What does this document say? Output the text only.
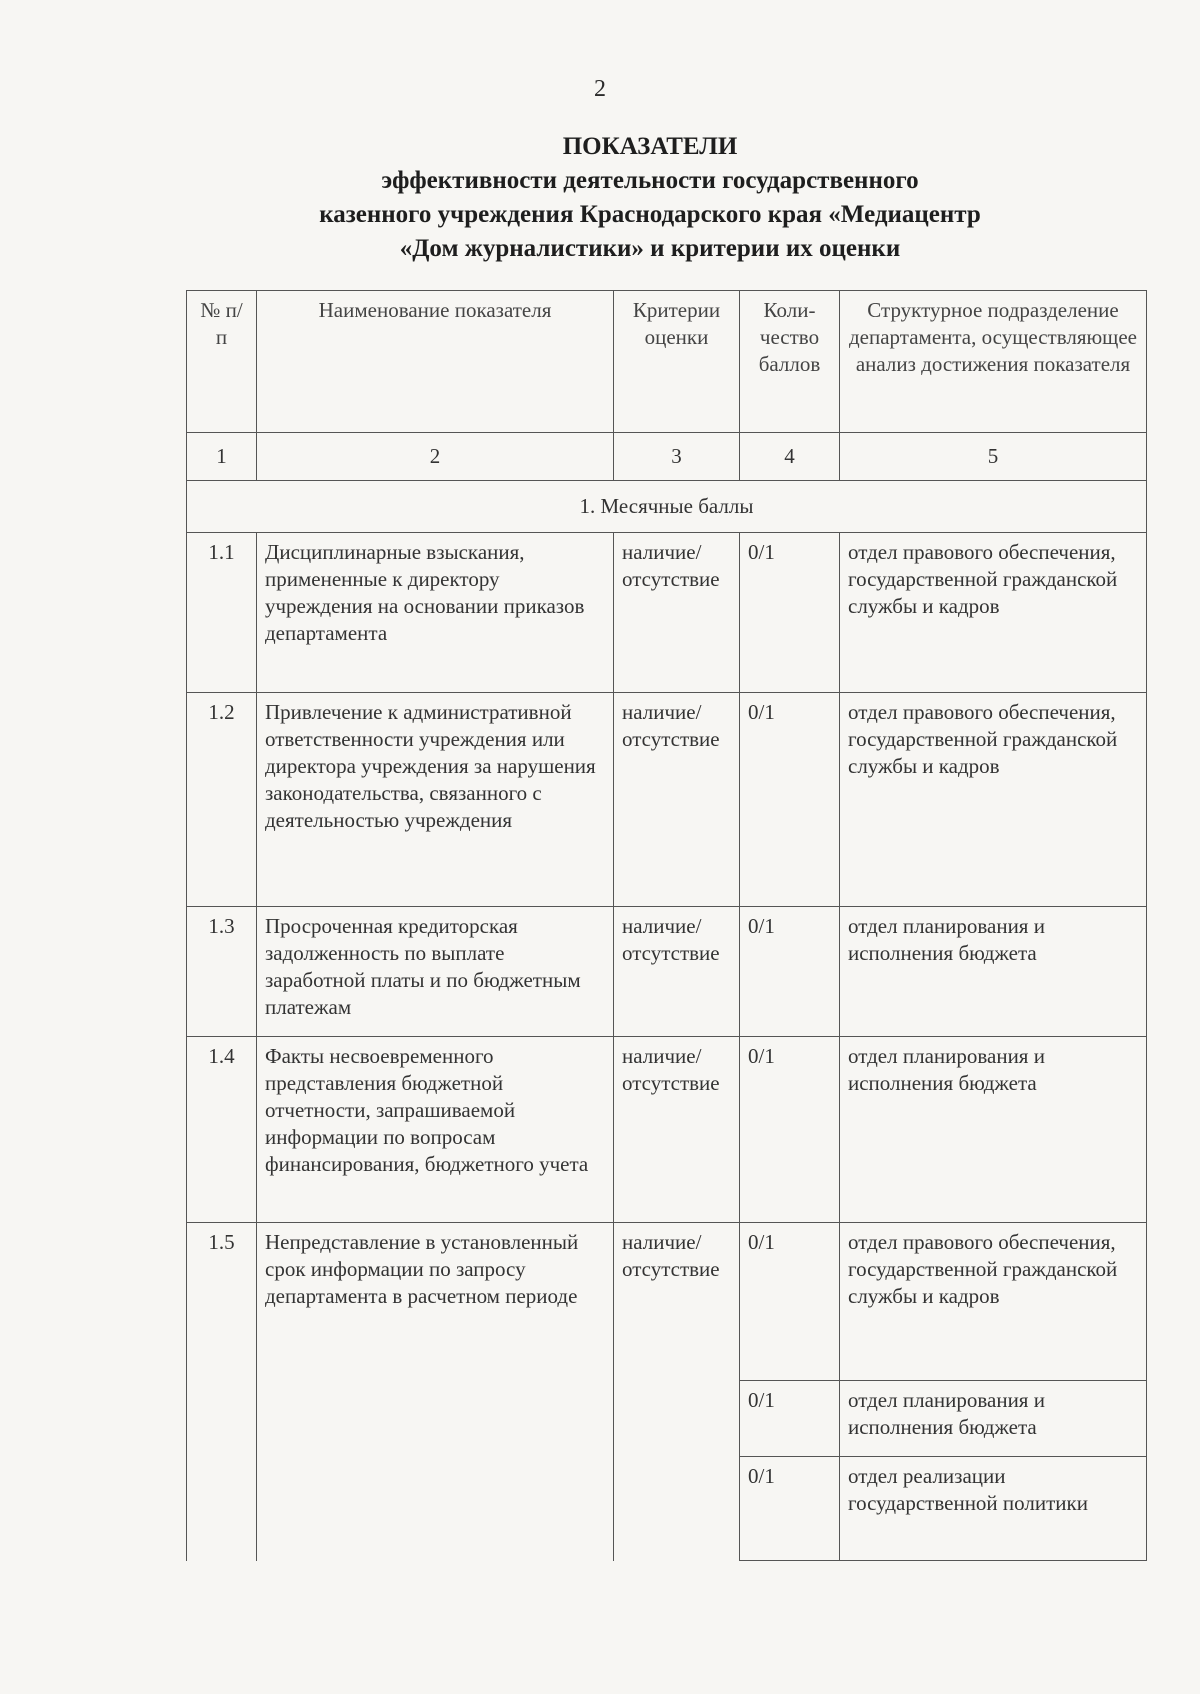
2
ПОКАЗАТЕЛИ
эффективности деятельности государственного
казенного учреждения Краснодарского края «Медиацентр
«Дом журналистики» и критерии их оценки
№ п/п	Наименование показателя	Критерии оценки	Коли-чество баллов	Структурное подразделение департамента, осуществляющее анализ достижения показателя
1	2	3	4	5
1. Месячные баллы				
1.1	Дисциплинарные взыскания, примененные к директору учреждения на основании приказов департамента	наличие/ отсутствие	0/1	отдел правового обеспечения, государственной гражданской службы и кадров
1.2	Привлечение к административной ответственности учреждения или директора учреждения за нарушения законодательства, связанного с деятельностью учреждения	наличие/ отсутствие	0/1	отдел правового обеспечения, государственной гражданской службы и кадров
1.3	Просроченная кредиторская задолженность по выплате заработной платы и по бюджетным платежам	наличие/ отсутствие	0/1	отдел планирования и исполнения бюджета
1.4	Факты несвоевременного представления бюджетной отчетности, запрашиваемой информации по вопросам финансирования, бюджетного учета	наличие/ отсутствие	0/1	отдел планирования и исполнения бюджета
1.5	Непредставление в установленный срок информации по запросу департамента в расчетном периоде	наличие/ отсутствие	0/1	отдел правового обеспечения, государственной гражданской службы и кадров
			0/1	отдел планирования и исполнения бюджета
			0/1	отдел реализации государственной политики
